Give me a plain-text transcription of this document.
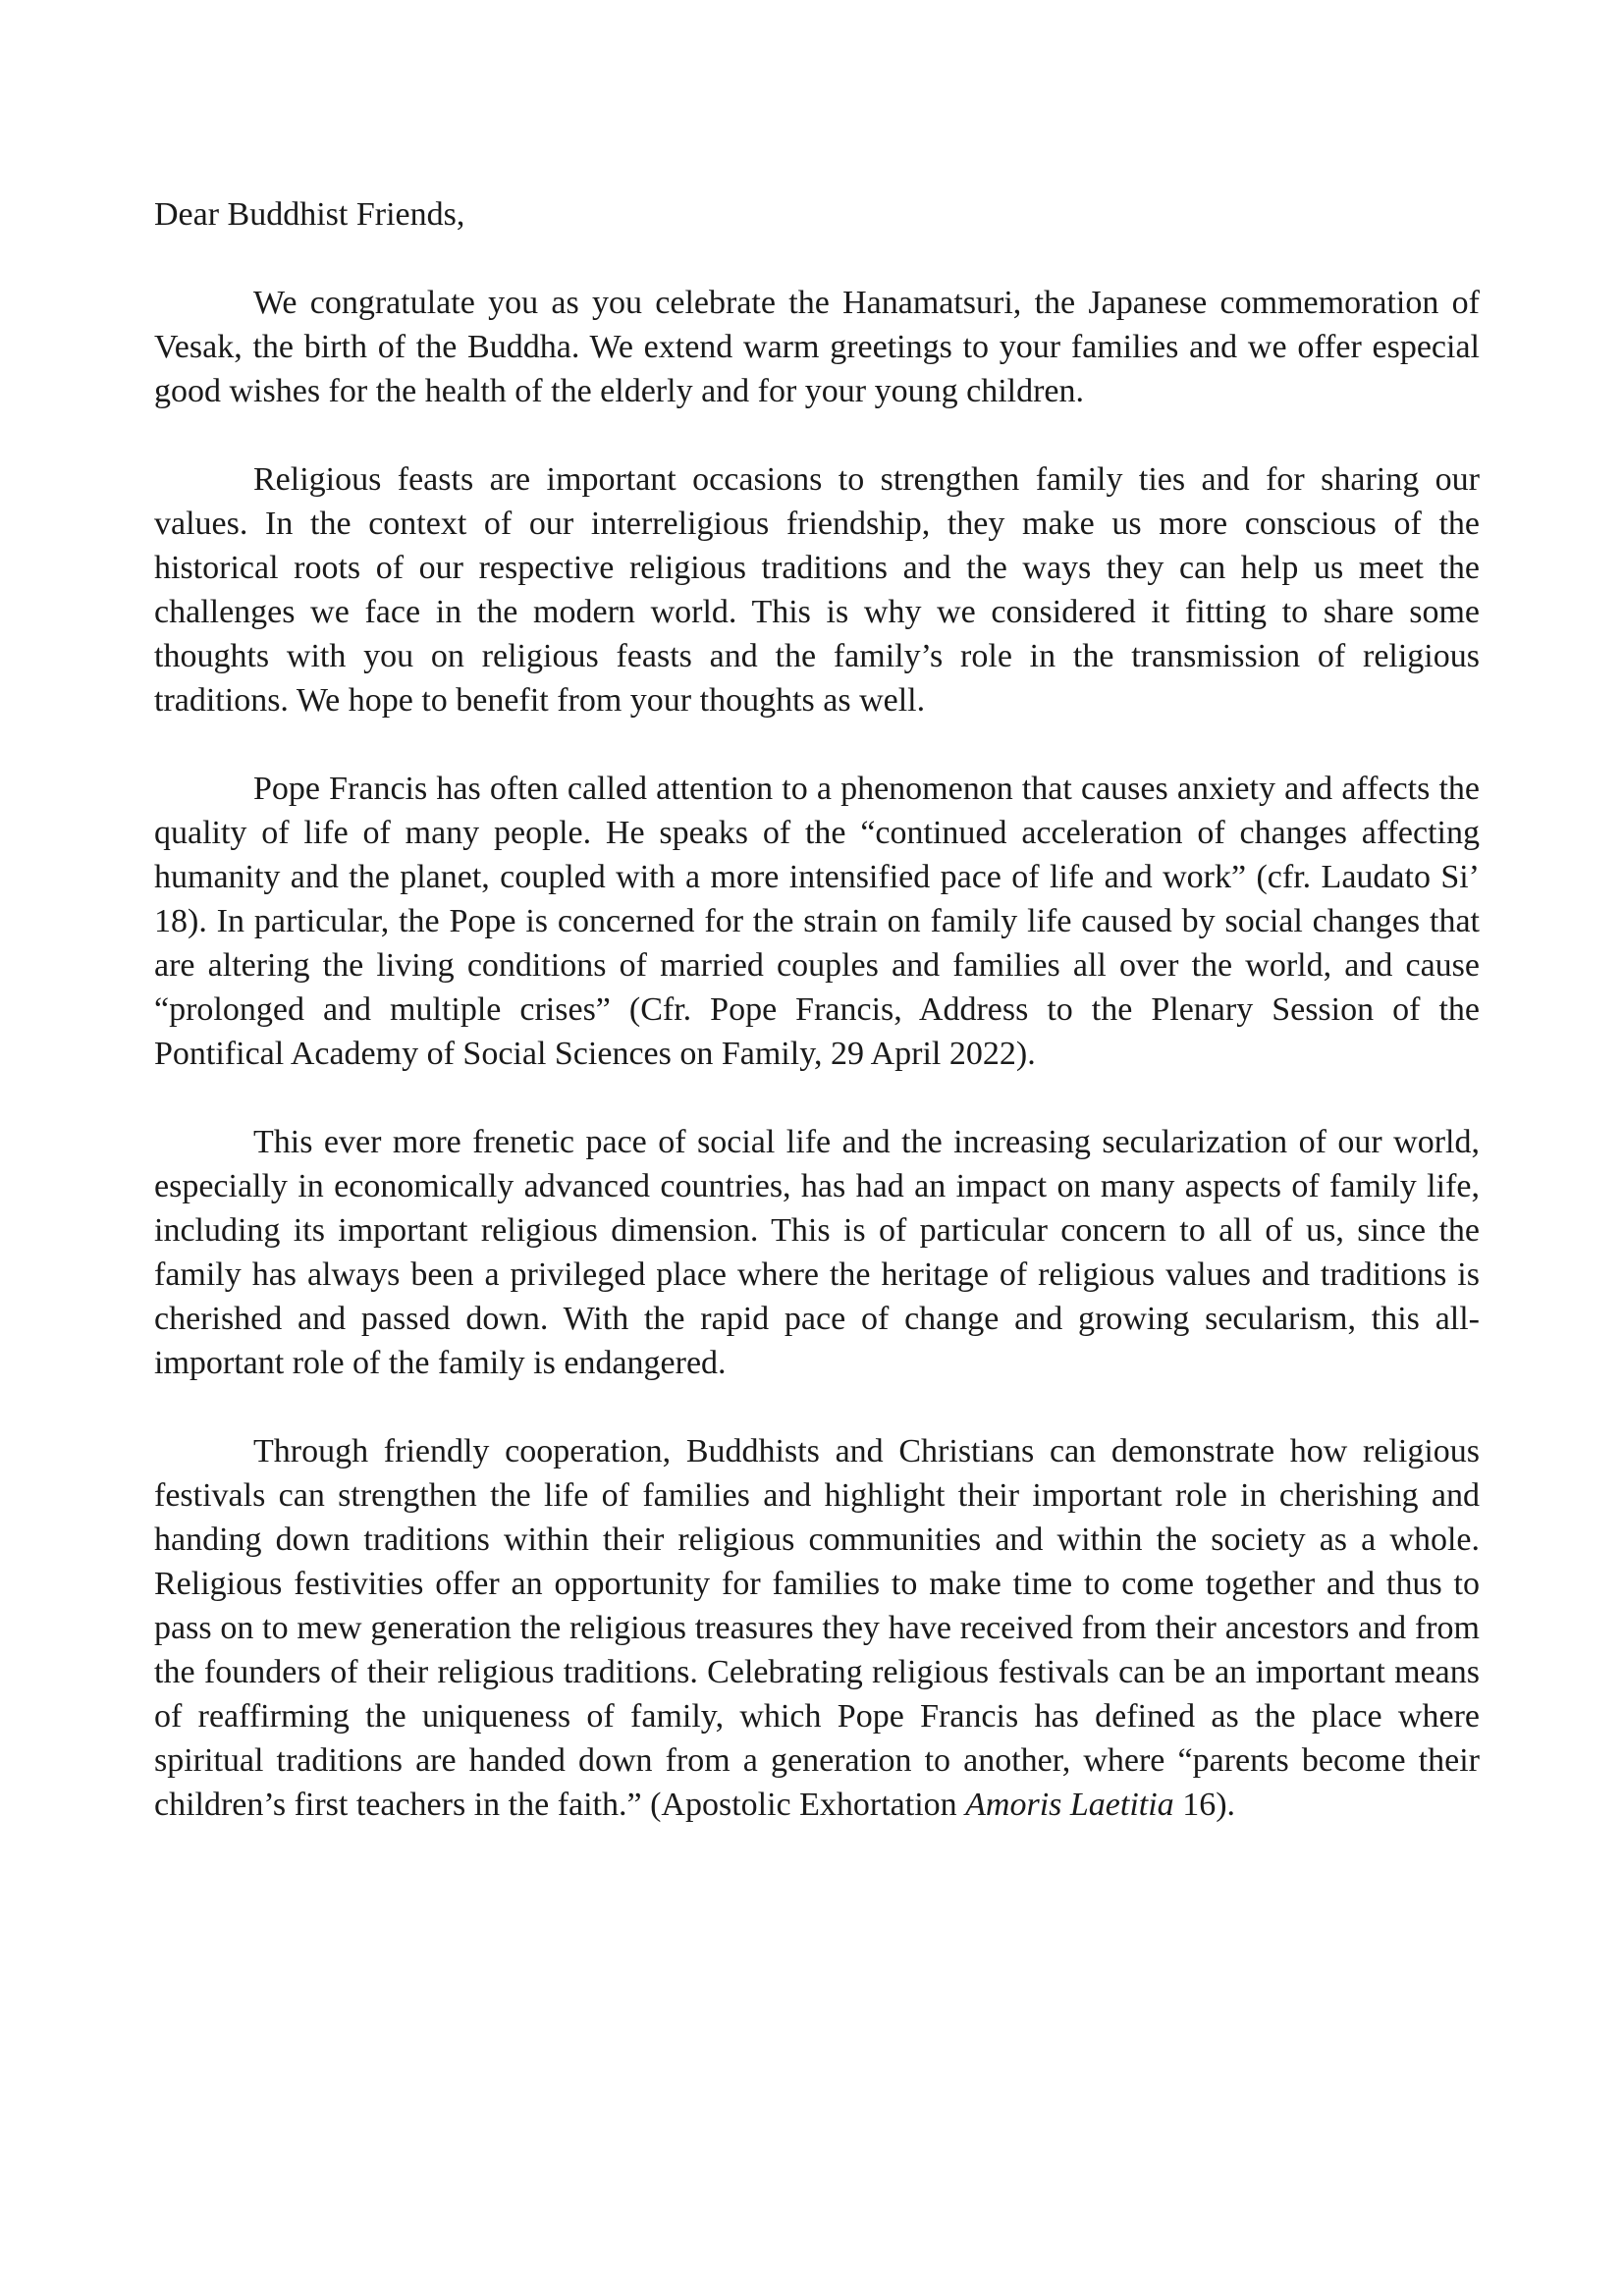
Dear Buddhist Friends,

We congratulate you as you celebrate the Hanamatsuri, the Japanese commemoration of Vesak, the birth of the Buddha. We extend warm greetings to your families and we offer especial good wishes for the health of the elderly and for your young children.

Religious feasts are important occasions to strengthen family ties and for sharing our values. In the context of our interreligious friendship, they make us more conscious of the historical roots of our respective religious traditions and the ways they can help us meet the challenges we face in the modern world. This is why we considered it fitting to share some thoughts with you on religious feasts and the family’s role in the transmission of religious traditions. We hope to benefit from your thoughts as well.

Pope Francis has often called attention to a phenomenon that causes anxiety and affects the quality of life of many people. He speaks of the “continued acceleration of changes affecting humanity and the planet, coupled with a more intensified pace of life and work” (cfr. Laudato Si’ 18). In particular, the Pope is concerned for the strain on family life caused by social changes that are altering the living conditions of married couples and families all over the world, and cause “prolonged and multiple crises” (Cfr. Pope Francis, Address to the Plenary Session of the Pontifical Academy of Social Sciences on Family, 29 April 2022).

This ever more frenetic pace of social life and the increasing secularization of our world, especially in economically advanced countries, has had an impact on many aspects of family life, including its important religious dimension. This is of particular concern to all of us, since the family has always been a privileged place where the heritage of religious values and traditions is cherished and passed down. With the rapid pace of change and growing secularism, this all-important role of the family is endangered.

Through friendly cooperation, Buddhists and Christians can demonstrate how religious festivals can strengthen the life of families and highlight their important role in cherishing and handing down traditions within their religious communities and within the society as a whole. Religious festivities offer an opportunity for families to make time to come together and thus to pass on to mew generation the religious treasures they have received from their ancestors and from the founders of their religious traditions. Celebrating religious festivals can be an important means of reaffirming the uniqueness of family, which Pope Francis has defined as the place where spiritual traditions are handed down from a generation to another, where “parents become their children’s first teachers in the faith.” (Apostolic Exhortation Amoris Laetitia 16).
